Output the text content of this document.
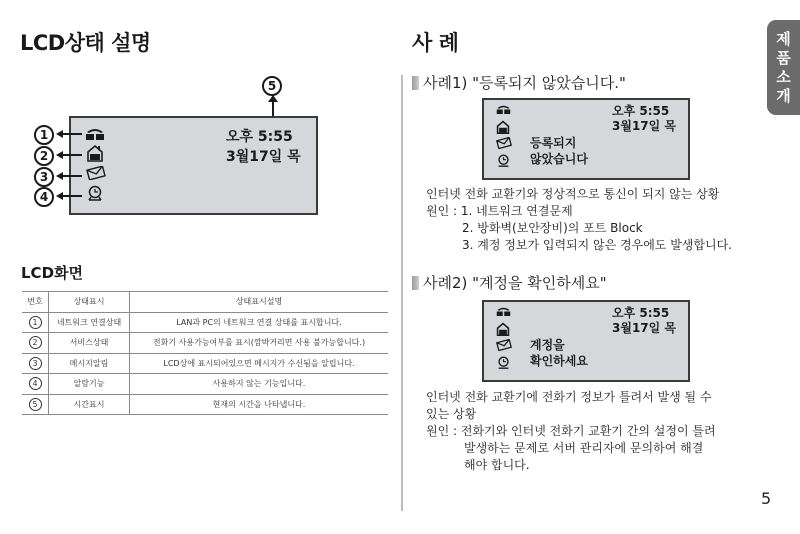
LCD상태 설명
5
오후 5:55
3월17일 목
1
2
3
4
LCD화면
번호	상태표시	상태표시설명
1	네트워크 연결상태	LAN과 PC의 네트워크 연결 상태를 표시합니다.
2	서비스상태	전화기 사용가능여부를 표시(깜박거리면 사용 불가능합니다.)
3	메시지알림	LCD상에 표시되어있으면 메시지가 수신됨을 알립니다.
4	알람기능	사용하지 않는 기능입니다.
5	시간표시	현재의 시간을 나타냅니다.
사 례
사례1) "등록되지 않았습니다."
오후 5:55
3월17일 목
등록되지
않았습니다
인터넷 전화 교환기와 정상적으로 통신이 되지 않는 상황
원인 : 1. 네트워크 연결문제
2. 방화벽(보안장비)의 포트 Block
3. 계정 정보가 입력되지 않은 경우에도 발생합니다.
사례2) "계정을 확인하세요"
오후 5:55
3월17일 목
계정을
확인하세요
인터넷 전화 교환기에 전화기 정보가 틀려서 발생 될 수
있는 상황
원인 : 전화기와 인터넷 전화기 교환기 간의 설정이 틀려
발생하는 문제로 서버 관리자에 문의하여 해결
해야 합니다.
제
품
소
개
5
